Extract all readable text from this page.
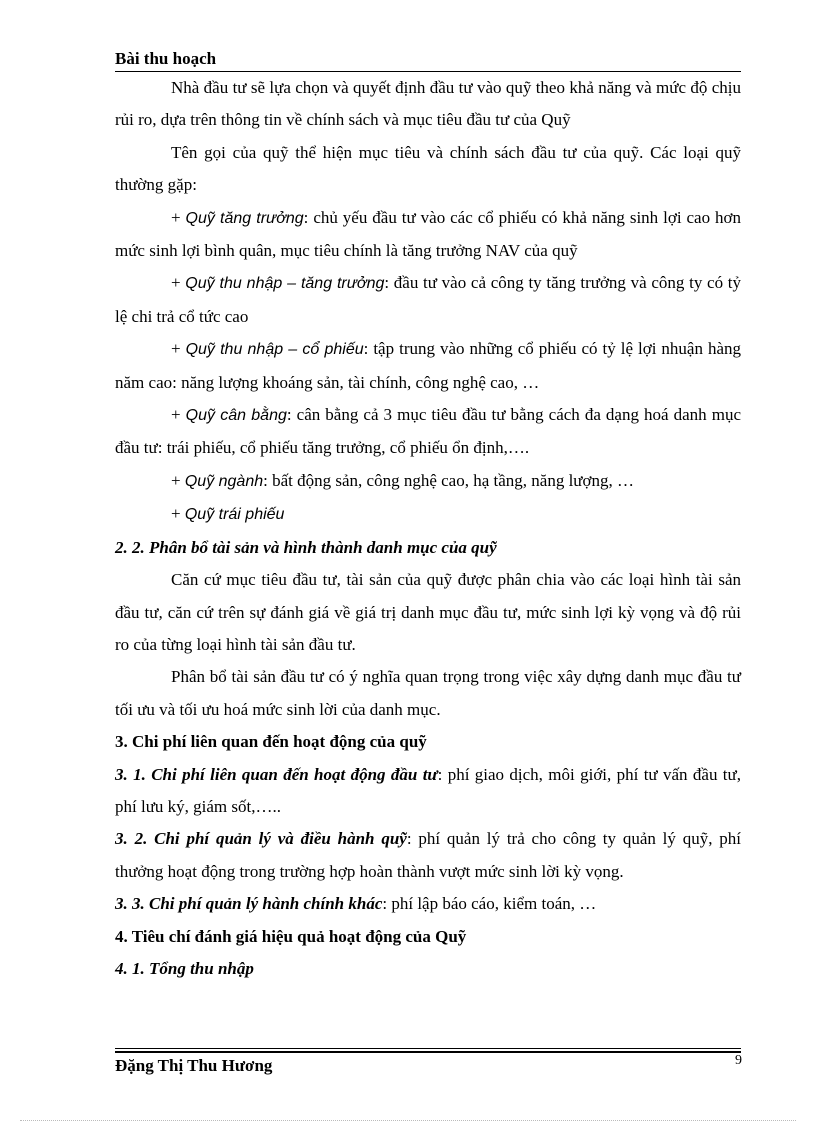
Bài thu hoạch

Nhà đầu tư sẽ lựa chọn và quyết định đầu tư vào quỹ theo khả năng và mức độ chịu rủi ro, dựa trên thông tin về chính sách và mục tiêu đầu tư của Quỹ

Tên gọi của quỹ thể hiện mục tiêu và chính sách đầu tư của quỹ. Các loại quỹ thường gặp:

+ Quỹ tăng trưởng: chủ yếu đầu tư vào các cổ phiếu có khả năng sinh lợi cao hơn mức sinh lợi bình quân, mục tiêu chính là tăng trưởng NAV của quỹ

+ Quỹ thu nhập – tăng trưởng: đầu tư vào cả công ty tăng trưởng và công ty có tỷ lệ chi trả cổ tức cao

+ Quỹ thu nhập – cổ phiếu: tập trung vào những cổ phiếu có tỷ lệ lợi nhuận hàng năm cao: năng lượng khoáng sản, tài chính, công nghệ cao, …

+ Quỹ cân bằng: cân bằng cả 3 mục tiêu đầu tư bằng cách đa dạng hoá danh mục đầu tư: trái phiếu, cổ phiếu tăng trưởng, cổ phiếu ổn định,….

+ Quỹ ngành: bất động sản, công nghệ cao, hạ tầng, năng lượng, …

+ Quỹ trái phiếu

2. 2. Phân bổ tài sản và hình thành danh mục của quỹ

Căn cứ mục tiêu đầu tư, tài sản của quỹ được phân chia vào các loại hình tài sản đầu tư, căn cứ trên sự đánh giá về giá trị danh mục đầu tư, mức sinh lợi kỳ vọng và độ rủi ro của từng loại hình tài sản đầu tư.

Phân bổ tài sản đầu tư có ý nghĩa quan trọng trong việc xây dựng danh mục đầu tư tối ưu và tối ưu hoá mức sinh lời của danh mục.

3. Chi phí liên quan đến hoạt động của quỹ

3. 1. Chi phí liên quan đến hoạt động đầu tư: phí giao dịch, môi giới, phí tư vấn đầu tư, phí lưu ký, giám sốt,…..

3. 2. Chi phí quản lý và điều hành quỹ: phí quản lý trả cho công ty quản lý quỹ, phí thưởng hoạt động trong trường hợp hoàn thành vượt mức sinh lời kỳ vọng.

3. 3. Chi phí quản lý hành chính khác: phí lập báo cáo, kiểm toán, …

4. Tiêu chí đánh giá hiệu quả hoạt động của Quỹ

4. 1. Tổng thu nhập

Đặng Thị Thu Hương	9
